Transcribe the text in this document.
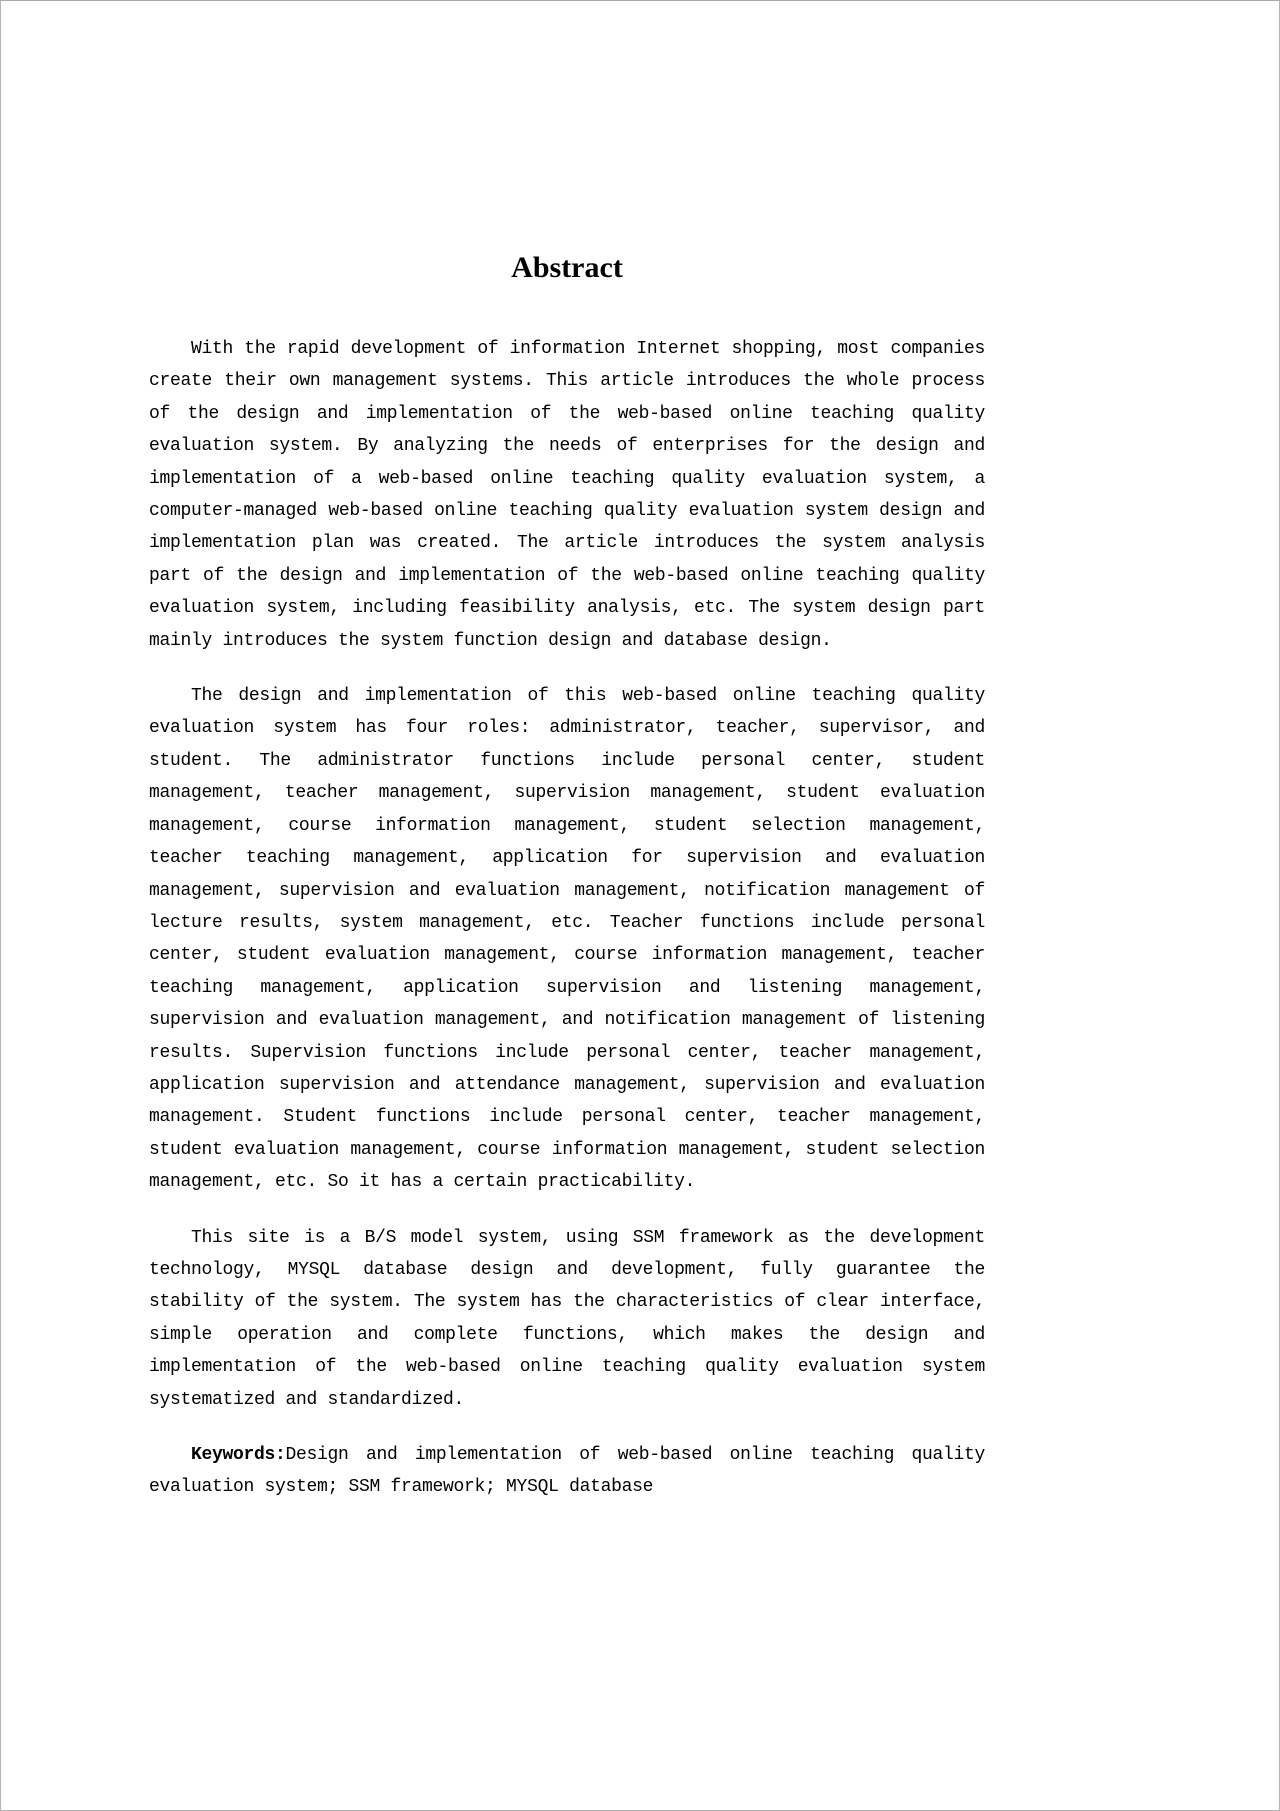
Abstract

With the rapid development of information Internet shopping, most companies create their own management systems. This article introduces the whole process of the design and implementation of the web-based online teaching quality evaluation system. By analyzing the needs of enterprises for the design and implementation of a web-based online teaching quality evaluation system, a computer-managed web-based online teaching quality evaluation system design and implementation plan was created. The article introduces the system analysis part of the design and implementation of the web-based online teaching quality evaluation system, including feasibility analysis, etc. The system design part mainly introduces the system function design and database design.

The design and implementation of this web-based online teaching quality evaluation system has four roles: administrator, teacher, supervisor, and student. The administrator functions include personal center, student management, teacher management, supervision management, student evaluation management, course information management, student selection management, teacher teaching management, application for supervision and evaluation management, supervision and evaluation management, notification management of lecture results, system management, etc. Teacher functions include personal center, student evaluation management, course information management, teacher teaching management, application supervision and listening management, supervision and evaluation management, and notification management of listening results. Supervision functions include personal center, teacher management, application supervision and attendance management, supervision and evaluation management. Student functions include personal center, teacher management, student evaluation management, course information management, student selection management, etc. So it has a certain practicability.

This site is a B/S model system, using SSM framework as the development technology, MYSQL database design and development, fully guarantee the stability of the system. The system has the characteristics of clear interface, simple operation and complete functions, which makes the design and implementation of the web-based online teaching quality evaluation system systematized and standardized.

Keywords:Design and implementation of web-based online teaching quality evaluation system; SSM framework; MYSQL database
